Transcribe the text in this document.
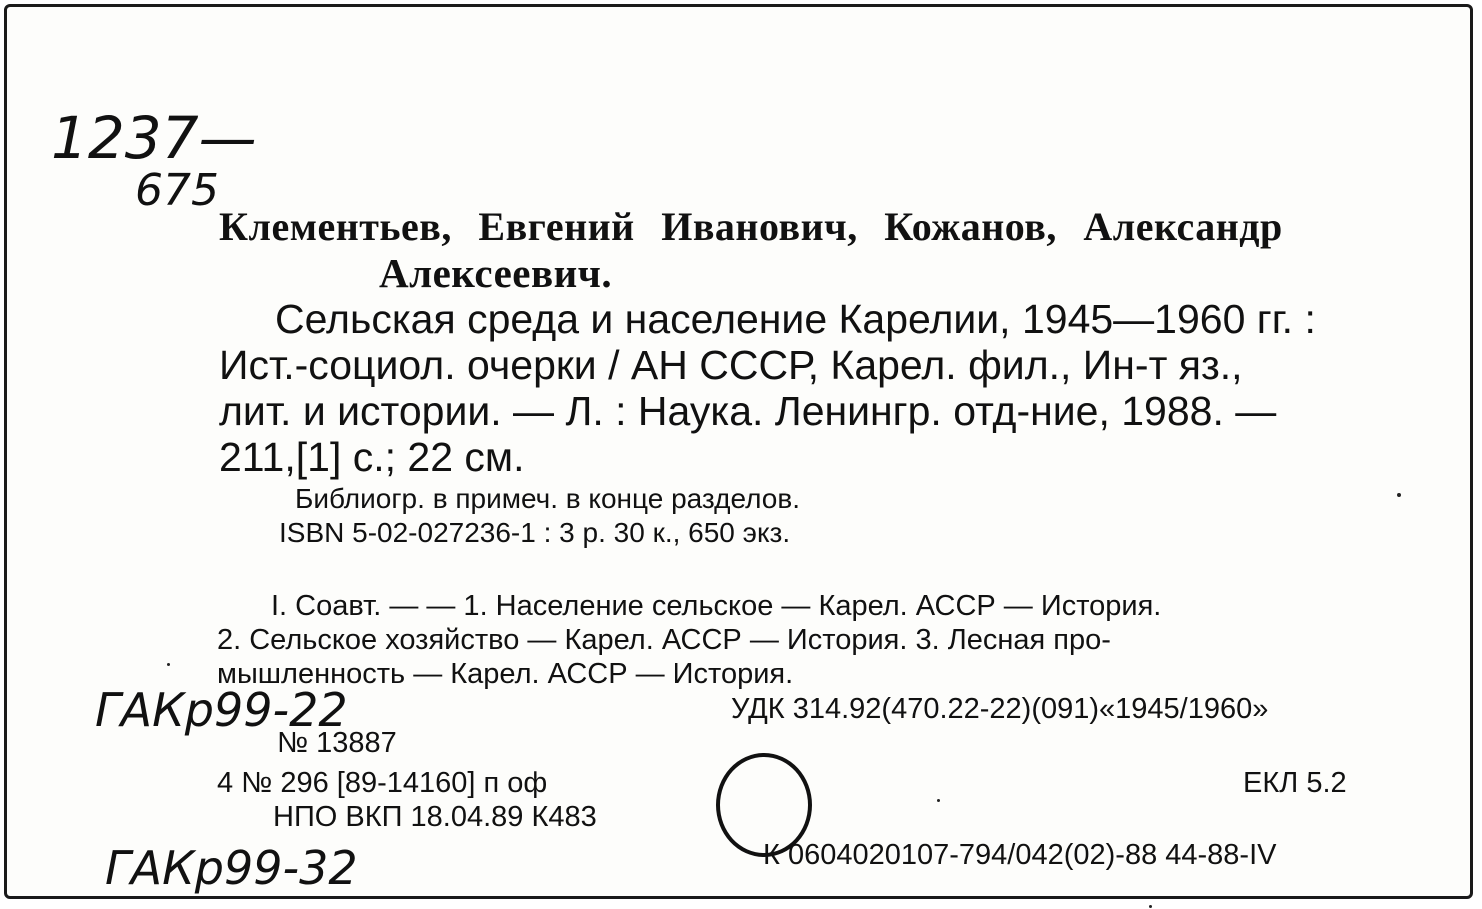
1237—
675
Клементьев, Евгений Иванович, Кожанов, Александр
Алексеевич.
Сельская среда и население Карелии, 1945—1960 гг. :
Ист.-социол. очерки / АН СССР, Карел. фил., Ин-т яз.,
лит. и истории. — Л. : Наука. Ленингр. отд-ние, 1988. —
211,[1] с.; 22 см.
Библиогр. в примеч. в конце разделов.
ISBN 5-02-027236-1 : 3 р. 30 к., 650 экз.
I. Соавт. — — 1. Население сельское — Карел. АССР — История.
2. Сельское хозяйство — Карел. АССР — История. 3. Лесная про-
мышленность — Карел. АССР — История.
ГАКр99-22
ГАКр99-32
УДК 314.92(470.22-22)(091)«1945/1960»
№ 13887
4 № 296 [89-14160] п оф
НПО ВКП 18.04.89 К483
ЕКЛ 5.2
К 0604020107-794/042(02)-88 44-88-IV
